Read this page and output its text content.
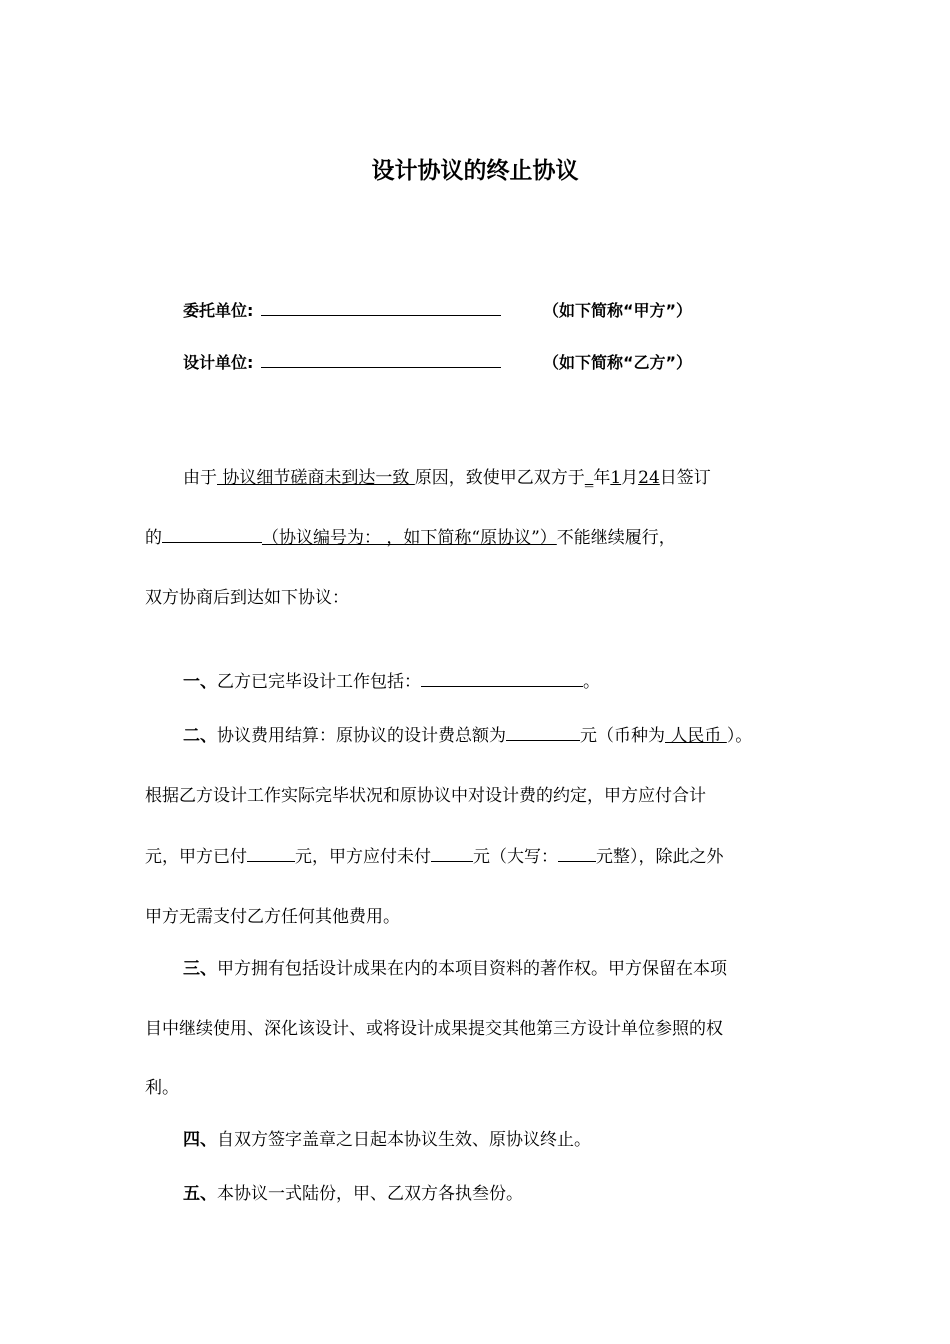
设计协议的终止协议
委托单位:	（如下简称“甲方”）
设计单位:	（如下简称“乙方”）
由于 协议细节磋商未到达一致 原因，致使甲乙双方于_年1月24日签订
的	（协议编号为： ，如下简称“原协议”）不能继续履行，
双方协商后到达如下协议：
一、乙方已完毕设计工作包括：	。
二、协议费用结算：原协议的设计费总额为	元（币种为 人民币 ）。
根据乙方设计工作实际完毕状况和原协议中对设计费的约定，甲方应付合计
元，甲方已付	元，甲方应付未付 元（大写： 元整），除此之外
甲方无需支付乙方任何其他费用。
三、甲方拥有包括设计成果在内的本项目资料的著作权。甲方保留在本项
目中继续使用、深化该设计、或将设计成果提交其他第三方设计单位参照的权
利。
四、自双方签字盖章之日起本协议生效、原协议终止。
五、本协议一式陆份，甲、乙双方各执叁份。
